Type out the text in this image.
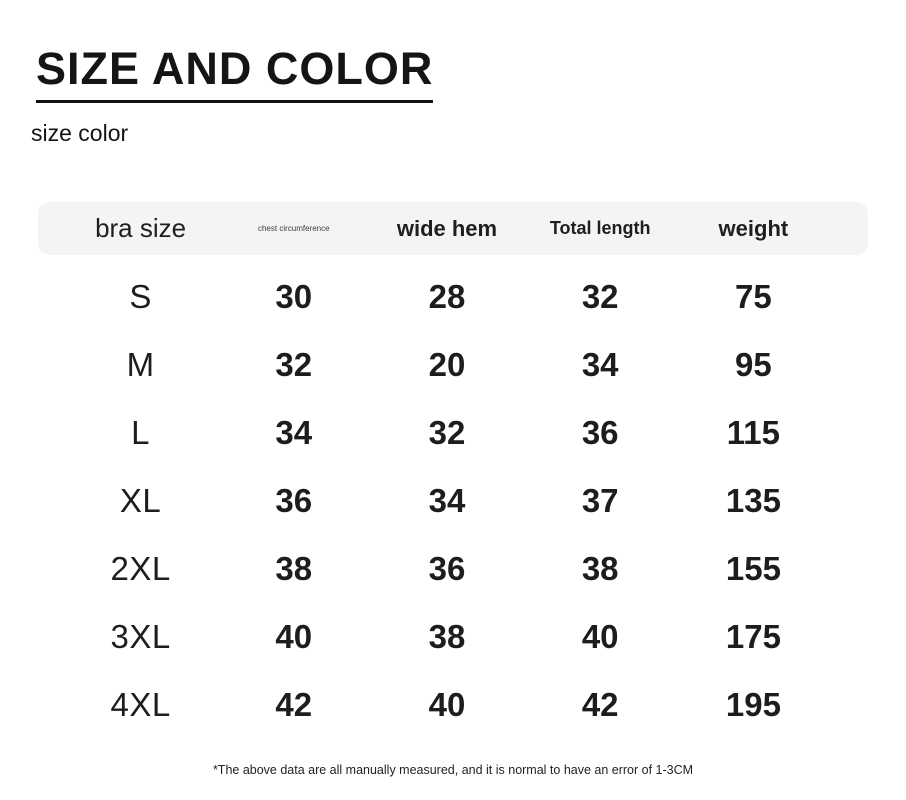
SIZE AND COLOR
size color
bra size	chest circumference	wide hem	Total length	weight
S	30	28	32	75
M	32	20	34	95
L	34	32	36	115
XL	36	34	37	135
2XL	38	36	38	155
3XL	40	38	40	175
4XL	42	40	42	195
*The above data are all manually measured, and it is normal to have an error of 1-3CM
